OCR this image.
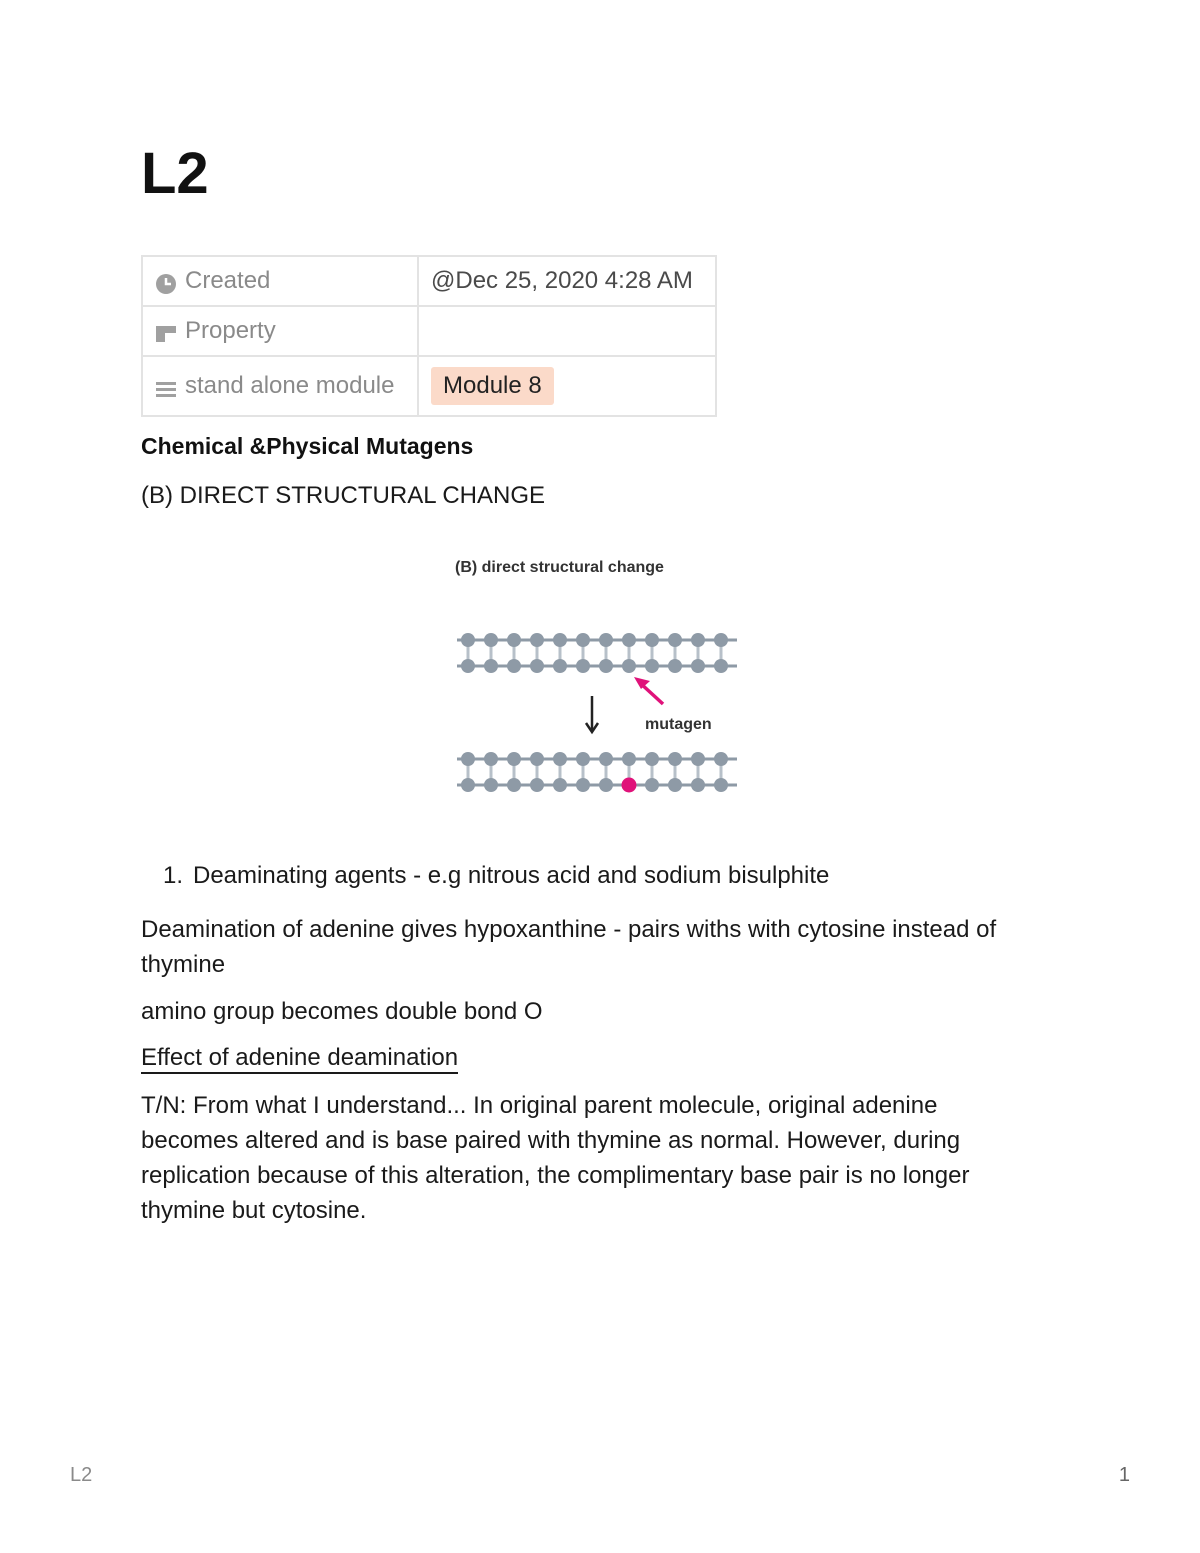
L2
Created	@Dec 25, 2020 4:28 AM
Property	
stand alone module	Module 8
Chemical &Physical Mutagens

(B) DIRECT STRUCTURAL CHANGE

(B) direct structural change
mutagen
1. Deaminating agents - e.g nitrous acid and sodium bisulphite

Deamination of adenine gives hypoxanthine - pairs withs with cytosine instead of thymine

amino group becomes double bond O

Effect of adenine deamination

T/N: From what I understand... In original parent molecule, original adenine becomes altered and is base paired with thymine as normal. However, during replication because of this alteration, the complimentary base pair is no longer thymine but cytosine.

L2	1
